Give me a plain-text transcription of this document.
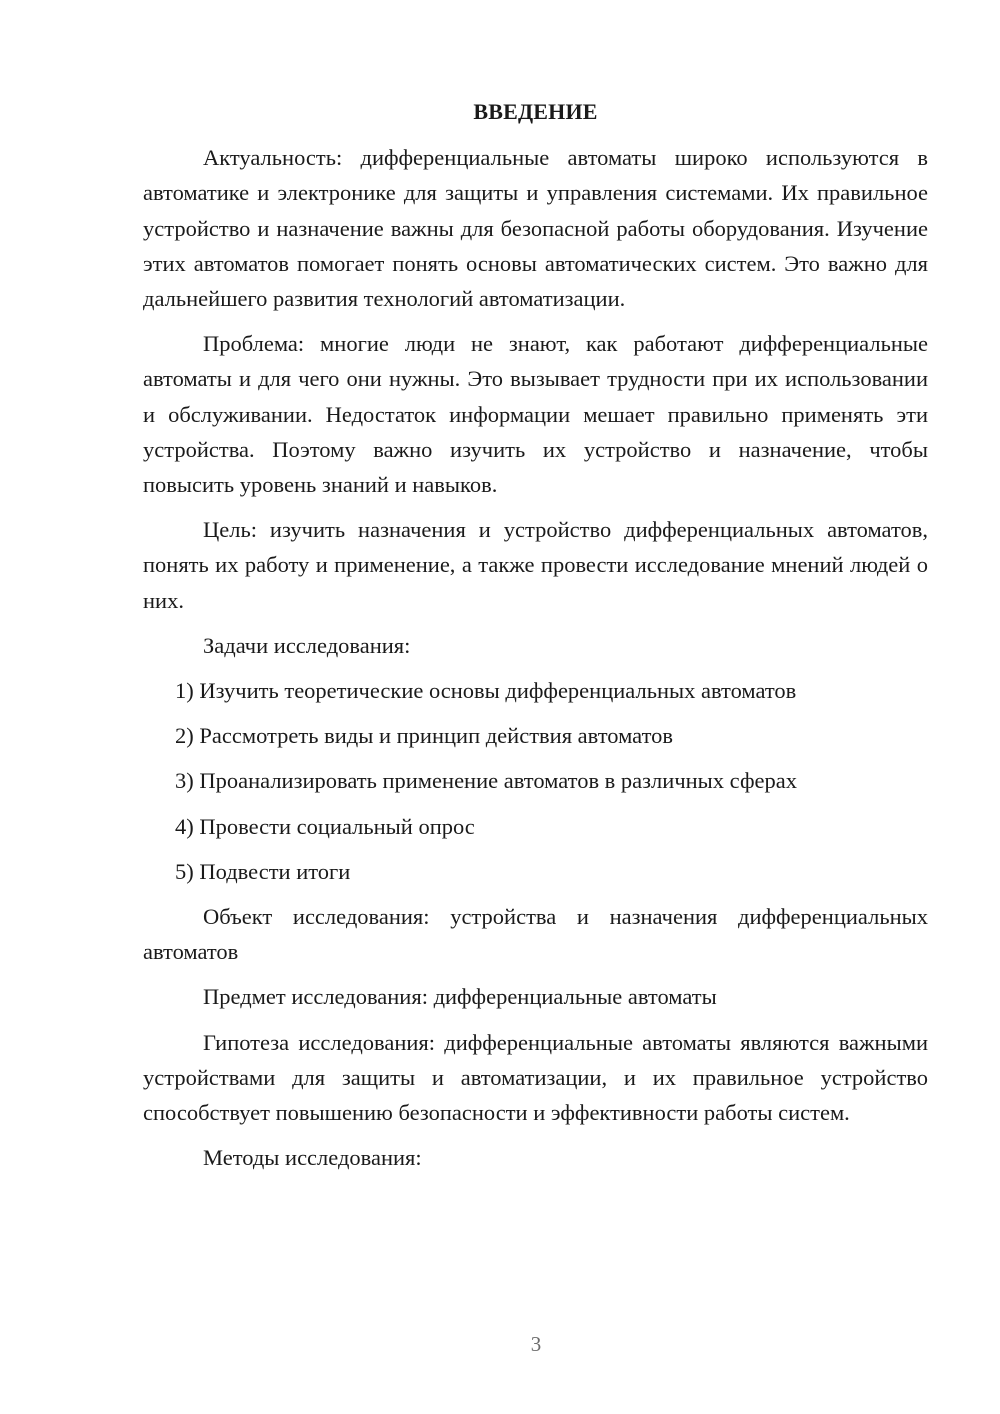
ВВЕДЕНИЕ
Актуальность: дифференциальные автоматы широко используются в автоматике и электронике для защиты и управления системами. Их правильное устройство и назначение важны для безопасной работы оборудования. Изучение этих автоматов помогает понять основы автоматических систем. Это важно для дальнейшего развития технологий автоматизации.
Проблема: многие люди не знают, как работают дифференциальные автоматы и для чего они нужны. Это вызывает трудности при их использовании и обслуживании. Недостаток информации мешает правильно применять эти устройства. Поэтому важно изучить их устройство и назначение, чтобы повысить уровень знаний и навыков.
Цель: изучить назначения и устройство дифференциальных автоматов, понять их работу и применение, а также провести исследование мнений людей о них.
Задачи исследования:
1) Изучить теоретические основы дифференциальных автоматов
2) Рассмотреть виды и принцип действия автоматов
3) Проанализировать применение автоматов в различных сферах
4) Провести социальный опрос
5) Подвести итоги
Объект исследования: устройства и назначения дифференциальных автоматов
Предмет исследования: дифференциальные автоматы
Гипотеза исследования: дифференциальные автоматы являются важными устройствами для защиты и автоматизации, и их правильное устройство способствует повышению безопасности и эффективности работы систем.
Методы исследования:
3
